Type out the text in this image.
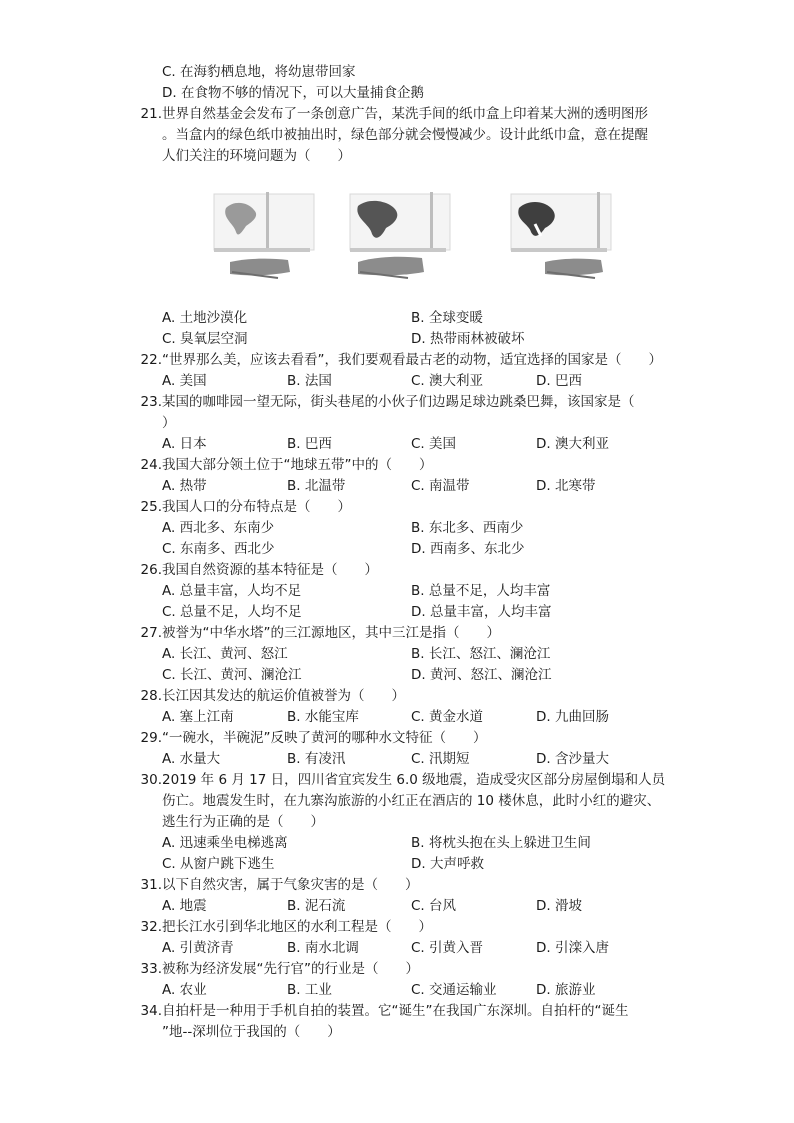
C. 在海豹栖息地，将幼崽带回家
D. 在食物不够的情况下，可以大量捕食企鹅
21. 世界自然基金会发布了一条创意广告，某洗手间的纸巾盒上印着某大洲的透明图形
。当盒内的绿色纸巾被抽出时，绿色部分就会慢慢减少。设计此纸巾盒，意在提醒
人们关注的环境问题为（　　）
A. 土地沙漠化	B. 全球变暖
C. 臭氧层空洞	D. 热带雨林被破坏
22. “世界那么美，应该去看看”，我们要观看最古老的动物，适宜选择的国家是（　　）
A. 美国	B. 法国	C. 澳大利亚	D. 巴西
23. 某国的咖啡园一望无际，街头巷尾的小伙子们边踢足球边跳桑巴舞，该国家是（
）
A. 日本	B. 巴西	C. 美国	D. 澳大利亚
24. 我国大部分领土位于“地球五带”中的（　　）
A. 热带	B. 北温带	C. 南温带	D. 北寒带
25. 我国人口的分布特点是（　　）
A. 西北多、东南少	B. 东北多、西南少
C. 东南多、西北少	D. 西南多、东北少
26. 我国自然资源的基本特征是（　　）
A. 总量丰富，人均不足	B. 总量不足，人均丰富
C. 总量不足，人均不足	D. 总量丰富，人均丰富
27. 被誉为“中华水塔”的三江源地区，其中三江是指（　　）
A. 长江、黄河、怒江	B. 长江、怒江、澜沧江
C. 长江、黄河、澜沧江	D. 黄河、怒江、澜沧江
28. 长江因其发达的航运价值被誉为（　　）
A. 塞上江南	B. 水能宝库	C. 黄金水道	D. 九曲回肠
29. “一碗水，半碗泥”反映了黄河的哪种水文特征（　　）
A. 水量大	B. 有凌汛	C. 汛期短	D. 含沙量大
30. 2019 年 6 月 17 日，四川省宜宾发生 6.0 级地震，造成受灾区部分房屋倒塌和人员
伤亡。地震发生时，在九寨沟旅游的小红正在酒店的 10 楼休息，此时小红的避灾、
逃生行为正确的是（　　）
A. 迅速乘坐电梯逃离	B. 将枕头抱在头上躲进卫生间
C. 从窗户跳下逃生	D. 大声呼救
31. 以下自然灾害，属于气象灾害的是（　　）
A. 地震	B. 泥石流	C. 台风	D. 滑坡
32. 把长江水引到华北地区的水利工程是（　　）
A. 引黄济青	B. 南水北调	C. 引黄入晋	D. 引滦入唐
33. 被称为经济发展“先行官”的行业是（　　）
A. 农业	B. 工业	C. 交通运输业	D. 旅游业
34. 自拍杆是一种用于手机自拍的装置。它“诞生”在我国广东深圳。自拍杆的“诞生
”地--深圳位于我国的（　　）
